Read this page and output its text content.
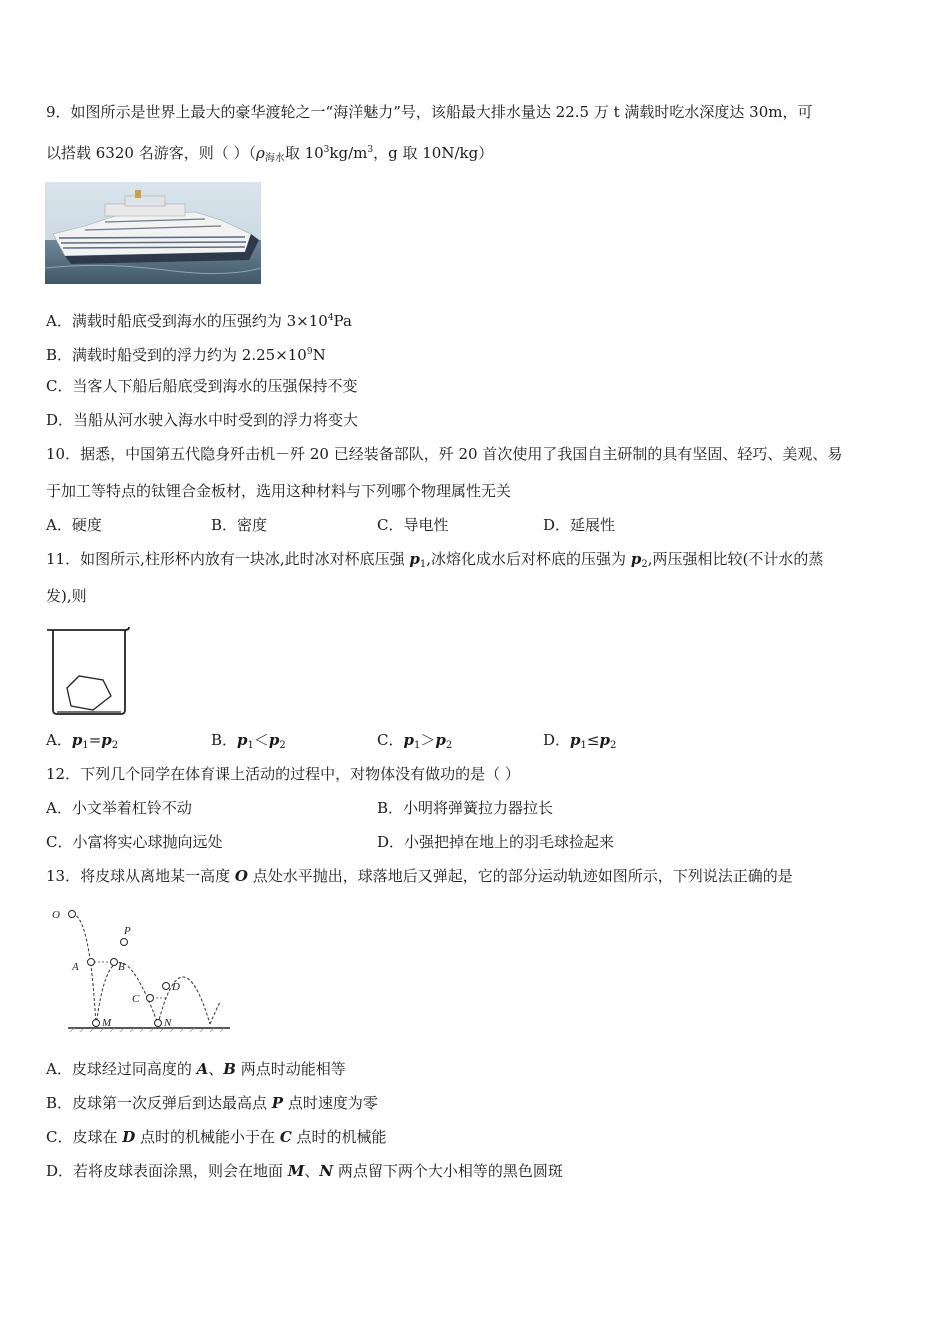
9．如图所示是世界上最大的豪华渡轮之一“海洋魅力”号，该船最大排水量达 22.5 万 t 满载时吃水深度达 30m，可
以搭载 6320 名游客，则（ ）（$\rho_{海水}$取 $10^3kg/m^3$，g 取 10N/kg）
A．满载时船底受到海水的压强约为 $3\times 10^4Pa$
B．满载时船受到的浮力约为 $2.25\times 10^9N$
C．当客人下船后船底受到海水的压强保持不变
D．当船从河水驶入海水中时受到的浮力将变大
10．据悉，中国第五代隐身歼击机－歼 20 已经装备部队，歼 20 首次使用了我国自主研制的具有坚固、轻巧、美观、易
于加工等特点的钛锂合金板材，选用这种材料与下列哪个物理属性无关
A．硬度	B．密度	C．导电性	D．延展性
11．如图所示,柱形杯内放有一块冰,此时冰对杯底压强 $p_1$,冰熔化成水后对杯底的压强为 $p_2$,两压强相比较(不计水的蒸
发),则
A．$p_1=p_2$	B．$p_1<p_2$	C．$p_1>p_2$	D．$p_1\le p_2$
12．下列几个同学在体育课上活动的过程中，对物体没有做功的是（ ）
A．小文举着杠铃不动	B．小明将弹簧拉力器拉长
C．小富将实心球抛向远处	D．小强把掉在地上的羽毛球捡起来
13．将皮球从离地某一高度 O 点处水平抛出，球落地后又弹起，它的部分运动轨迹如图所示，下列说法正确的是
O
P
A	B
C
D
M	N
A．皮球经过同高度的 A、B 两点时动能相等
B．皮球第一次反弹后到达最高点 P 点时速度为零
C．皮球在 D 点时的机械能小于在 C 点时的机械能
D．若将皮球表面涂黑，则会在地面 M、N 两点留下两个大小相等的黑色圆斑
